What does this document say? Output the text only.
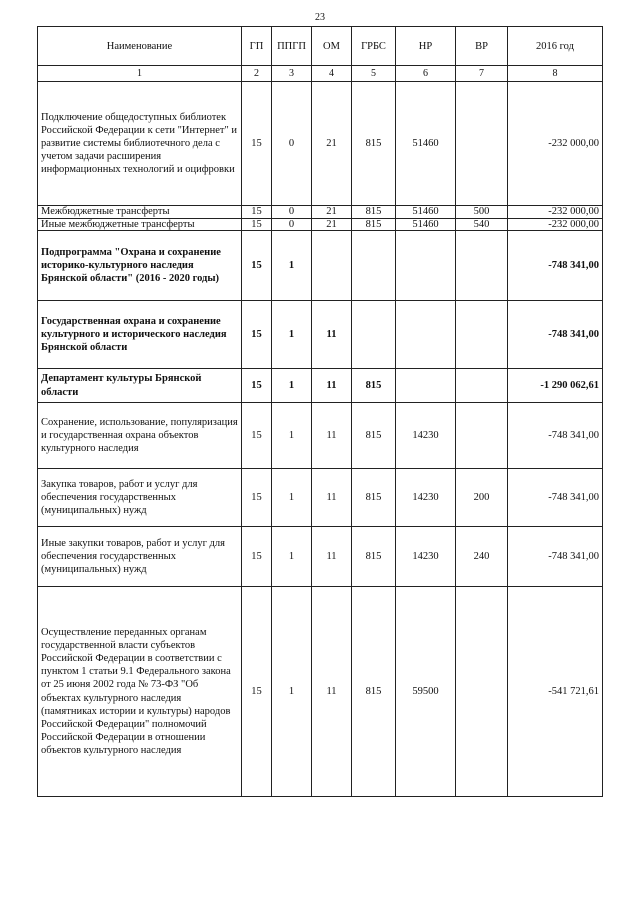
23
Наименование	ГП	ППГП	ОМ	ГРБС	НР	ВР	2016 год
1	2	3	4	5	6	7	8
Подключение общедоступных библиотек Российской Федерации к сети "Интернет" и развитие системы библиотечного дела с учетом задачи расширения информационных технологий и оцифровки	15	0	21	815	51460		-232 000,00
Межбюджетные трансферты	15	0	21	815	51460	500	-232 000,00
Иные межбюджетные трансферты	15	0	21	815	51460	540	-232 000,00
Подпрограмма "Охрана и сохранение историко-культурного наследия Брянской области" (2016 - 2020 годы)	15	1					-748 341,00
Государственная охрана и сохранение культурного и исторического наследия Брянской области	15	1	11				-748 341,00
Департамент культуры Брянской области	15	1	11	815			-1 290 062,61
Сохранение, использование, популяризация и государственная охрана объектов культурного наследия	15	1	11	815	14230		-748 341,00
Закупка товаров, работ и услуг для обеспечения государственных (муниципальных) нужд	15	1	11	815	14230	200	-748 341,00
Иные закупки товаров, работ и услуг для обеспечения государственных (муниципальных) нужд	15	1	11	815	14230	240	-748 341,00
Осуществление переданных органам государственной власти субъектов Российской Федерации в соответствии с пунктом 1 статьи 9.1 Федерального закона от 25 июня 2002 года № 73-ФЗ "Об объектах культурного наследия (памятниках истории и культуры) народов Российской Федерации" полномочий Российской Федерации в отношении объектов культурного наследия	15	1	11	815	59500		-541 721,61
